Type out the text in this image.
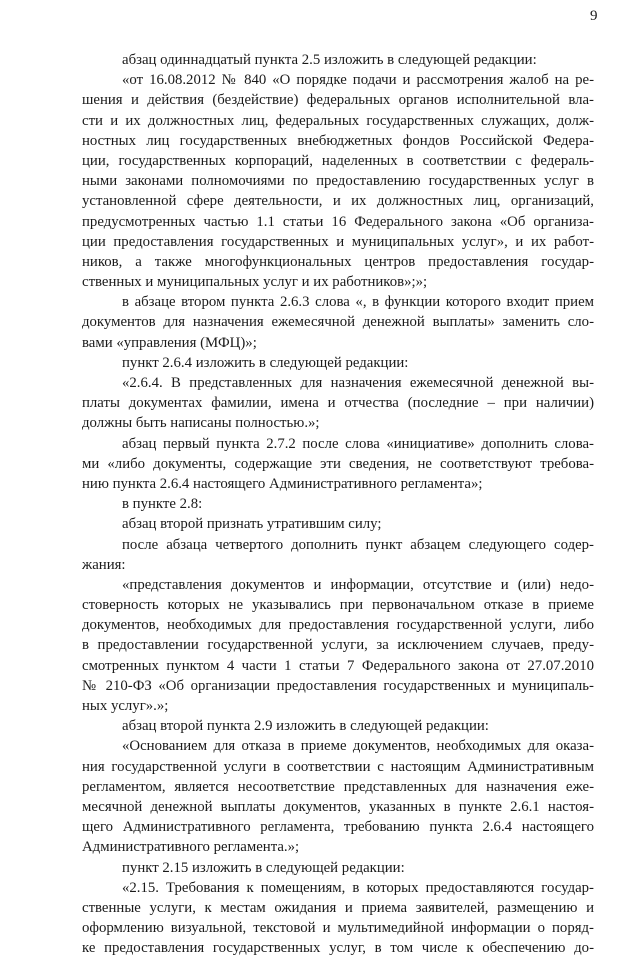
9
абзац одиннадцатый пункта 2.5 изложить в следующей редакции:
«от 16.08.2012 № 840 «О порядке подачи и рассмотрения жалоб на ре-
шения и действия (бездействие) федеральных органов исполнительной вла-
сти и их должностных лиц, федеральных государственных служащих, долж-
ностных лиц государственных внебюджетных фондов Российской Федера-
ции, государственных корпораций, наделенных в соответствии с федераль-
ными законами полномочиями по предоставлению государственных услуг в
установленной сфере деятельности, и их должностных лиц, организаций,
предусмотренных частью 1.1 статьи 16 Федерального закона «Об организа-
ции предоставления государственных и муниципальных услуг», и их работ-
ников, а также многофункциональных центров предоставления государ-
ственных и муниципальных услуг и их работников»;»;
в абзаце втором пункта 2.6.3 слова «, в функции которого входит прием
документов для назначения ежемесячной денежной выплаты» заменить сло-
вами «управления (МФЦ)»;
пункт 2.6.4 изложить в следующей редакции:
«2.6.4. В представленных для назначения ежемесячной денежной вы-
платы документах фамилии, имена и отчества (последние – при наличии)
должны быть написаны полностью.»;
абзац первый пункта 2.7.2 после слова «инициативе» дополнить слова-
ми «либо документы, содержащие эти сведения, не соответствуют требова-
нию пункта 2.6.4 настоящего Административного регламента»;
в пункте 2.8:
абзац второй признать утратившим силу;
после абзаца четвертого дополнить пункт абзацем следующего содер-
жания:
«представления документов и информации, отсутствие и (или) недо-
стоверность которых не указывались при первоначальном отказе в приеме
документов, необходимых для предоставления государственной услуги, либо
в предоставлении государственной услуги, за исключением случаев, преду-
смотренных пунктом 4 части 1 статьи 7 Федерального закона от 27.07.2010
№ 210-ФЗ «Об организации предоставления государственных и муниципаль-
ных услуг».»;
абзац второй пункта 2.9 изложить в следующей редакции:
«Основанием для отказа в приеме документов, необходимых для оказа-
ния государственной услуги в соответствии с настоящим Административным
регламентом, является несоответствие представленных для назначения еже-
месячной денежной выплаты документов, указанных в пункте 2.6.1 настоя-
щего Административного регламента, требованию пункта 2.6.4 настоящего
Административного регламента.»;
пункт 2.15 изложить в следующей редакции:
«2.15. Требования к помещениям, в которых предоставляются государ-
ственные услуги, к местам ожидания и приема заявителей, размещению и
оформлению визуальной, текстовой и мультимедийной информации о поряд-
ке предоставления государственных услуг, в том числе к обеспечению до-
